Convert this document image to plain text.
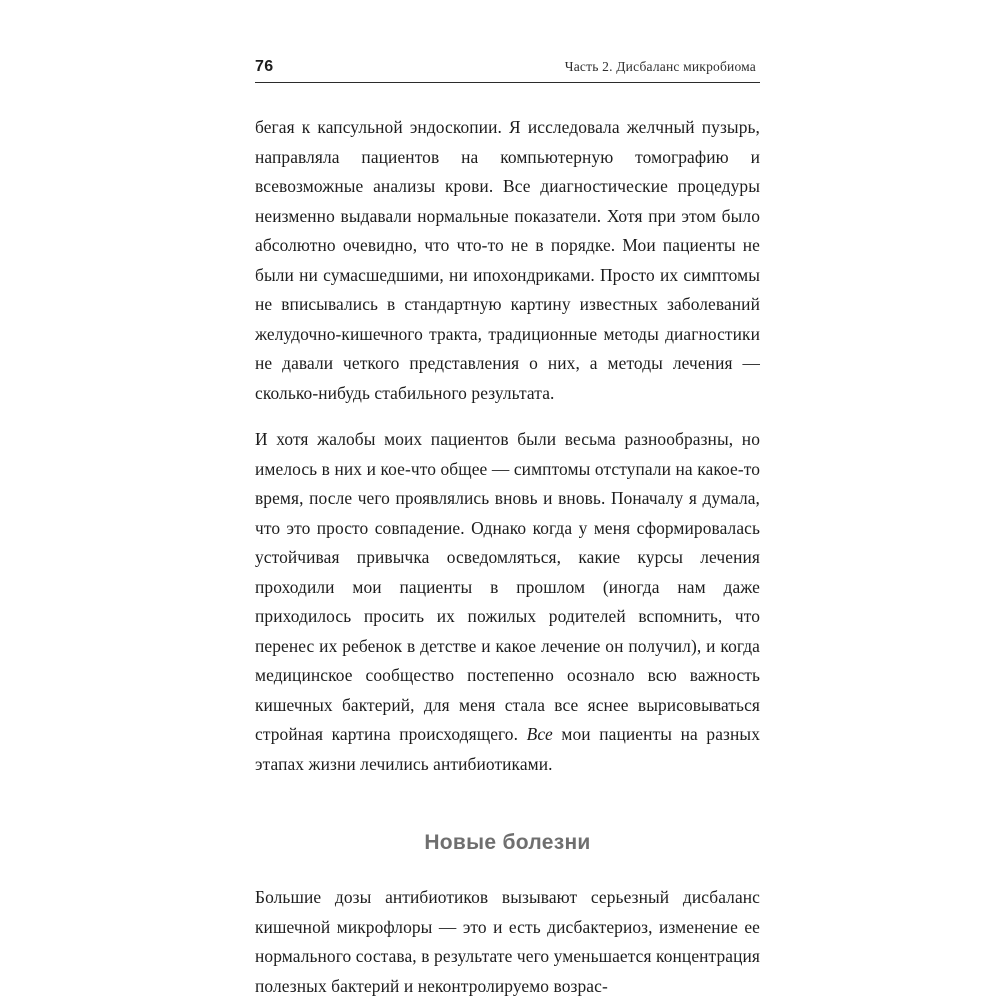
76	Часть 2. Дисбаланс микробиома

бегая к капсульной эндоскопии. Я исследовала желчный пузырь, направляла пациентов на компьютерную томографию и всевозможные анализы крови. Все диагностические процедуры неизменно выдавали нормальные показатели. Хотя при этом было абсолютно очевидно, что что-то не в порядке. Мои пациенты не были ни сумасшедшими, ни ипохондриками. Просто их симптомы не вписывались в стандартную картину известных заболеваний желудочно-кишечного тракта, традиционные методы диагностики не давали четкого представления о них, а методы лечения — сколько-нибудь стабильного результата.

И хотя жалобы моих пациентов были весьма разнообразны, но имелось в них и кое-что общее — симптомы отступали на какое-то время, после чего проявлялись вновь и вновь. Поначалу я думала, что это просто совпадение. Однако когда у меня сформировалась устойчивая привычка осведомляться, какие курсы лечения проходили мои пациенты в прошлом (иногда нам даже приходилось просить их пожилых родителей вспомнить, что перенес их ребенок в детстве и какое лечение он получил), и когда медицинское сообщество постепенно осознало всю важность кишечных бактерий, для меня стала все яснее вырисовываться стройная картина происходящего. Все мои пациенты на разных этапах жизни лечились антибиотиками.

Новые болезни

Большие дозы антибиотиков вызывают серьезный дисбаланс кишечной микрофлоры — это и есть дисбактериоз, изменение ее нормального состава, в результате чего уменьшается концентрация полезных бактерий и неконтролируемо возрас-
